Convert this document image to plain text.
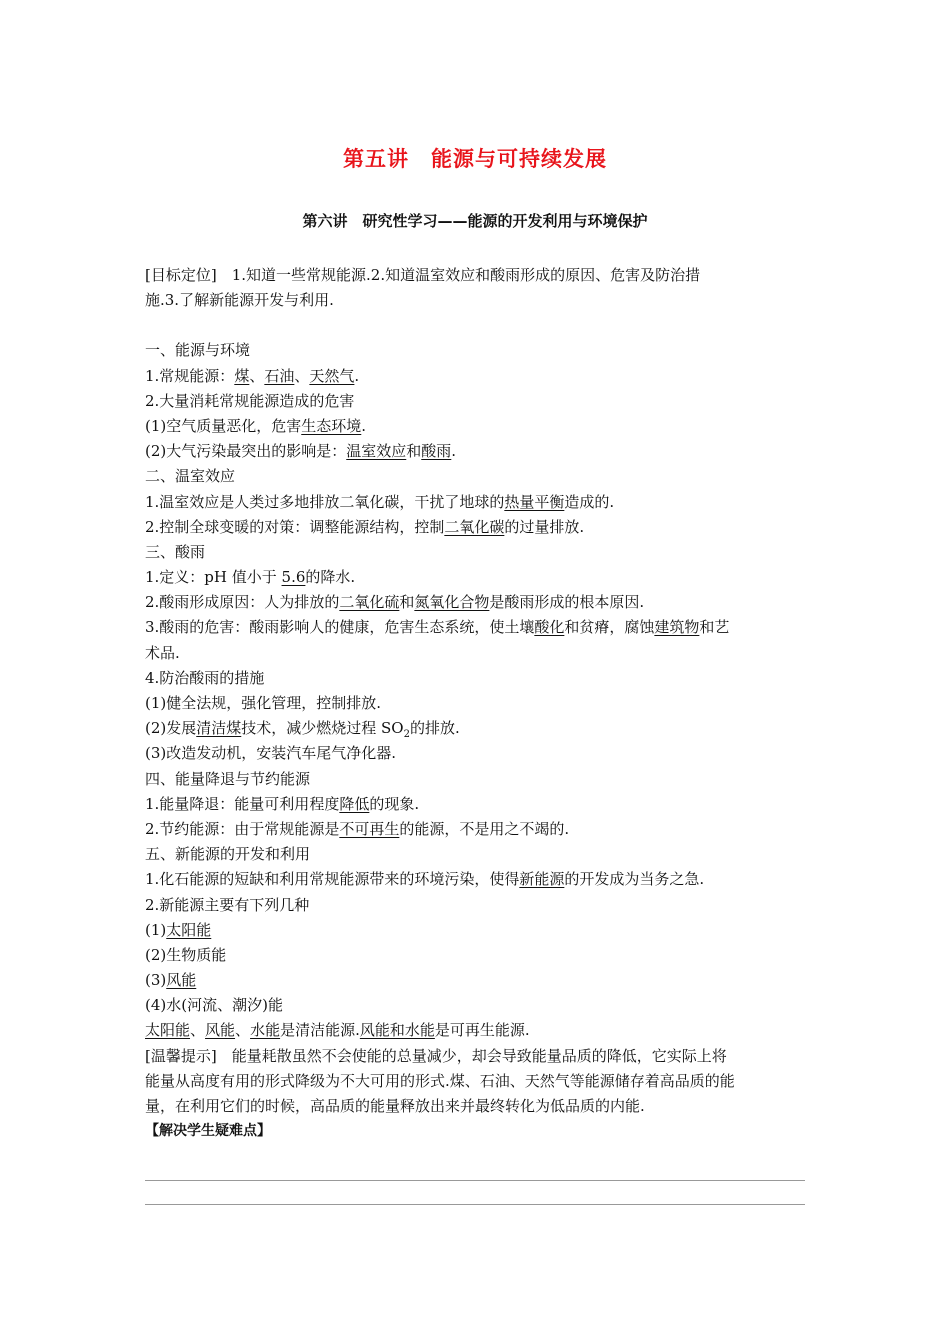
第五讲　能源与可持续发展
第六讲　研究性学习——能源的开发利用与环境保护
[目标定位]　1.知道一些常规能源.2.知道温室效应和酸雨形成的原因、危害及防治措
施.3.了解新能源开发与利用.
一、能源与环境
1.常规能源：煤、石油、天然气.
2.大量消耗常规能源造成的危害
(1)空气质量恶化，危害生态环境.
(2)大气污染最突出的影响是：温室效应和酸雨.
二、温室效应
1.温室效应是人类过多地排放二氧化碳，干扰了地球的热量平衡造成的.
2.控制全球变暖的对策：调整能源结构，控制二氧化碳的过量排放.
三、酸雨
1.定义：pH 值小于 5.6的降水.
2.酸雨形成原因：人为排放的二氧化硫和氮氧化合物是酸雨形成的根本原因.
3.酸雨的危害：酸雨影响人的健康，危害生态系统，使土壤酸化和贫瘠，腐蚀建筑物和艺
术品.
4.防治酸雨的措施
(1)健全法规，强化管理，控制排放.
(2)发展清洁煤技术，减少燃烧过程 $SO_2$的排放.
(3)改造发动机，安装汽车尾气净化器.
四、能量降退与节约能源
1.能量降退：能量可利用程度降低的现象.
2.节约能源：由于常规能源是不可再生的能源，不是用之不竭的.
五、新能源的开发和利用
1.化石能源的短缺和利用常规能源带来的环境污染，使得新能源的开发成为当务之急.
2.新能源主要有下列几种
(1)太阳能
(2)生物质能
(3)风能
(4)水(河流、潮汐)能
太阳能、风能、水能是清洁能源.风能和水能是可再生能源.
[温馨提示]　能量耗散虽然不会使能的总量减少，却会导致能量品质的降低，它实际上将
能量从高度有用的形式降级为不大可用的形式.煤、石油、天然气等能源储存着高品质的能
量，在利用它们的时候，高品质的能量释放出来并最终转化为低品质的内能.
【解决学生疑难点】
